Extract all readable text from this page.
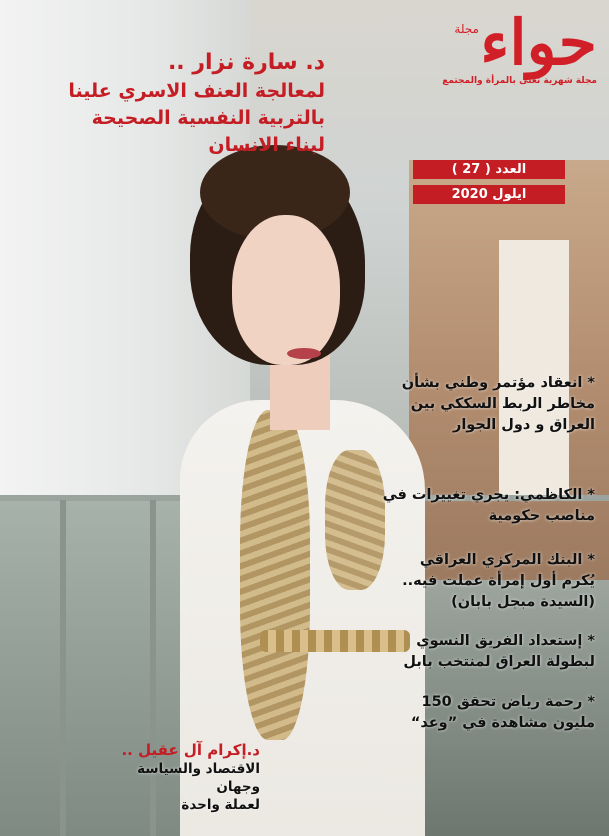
مجلة حواء
مجلة شهرية تعنى بالمرأة والمجتمع
العدد ( 27 )
ايلول 2020
د. سارة نزار ..
لمعالجة العنف الاسري علينا
بالتربية النفسية الصحيحة
لبناء الانسان
* انعقاد مؤتمر وطني بشأن مخاطر الربط السككي بين العراق و دول الجوار
* الكاظمي: يجري تغييرات في مناصب حكومية
* البنك المركزي العراقي يُكرم أول إمرأة عملت فيه.. (السيدة مبجل بابان)
* إستعداد الفريق النسوي لبطولة العراق لمنتخب بابل
* رحمة رياض تحقق 150 مليون مشاهدة في ”وعد“
د.إكرام آل عقيل ..
الاقتصاد والسياسة وجهان
لعملة واحدة
